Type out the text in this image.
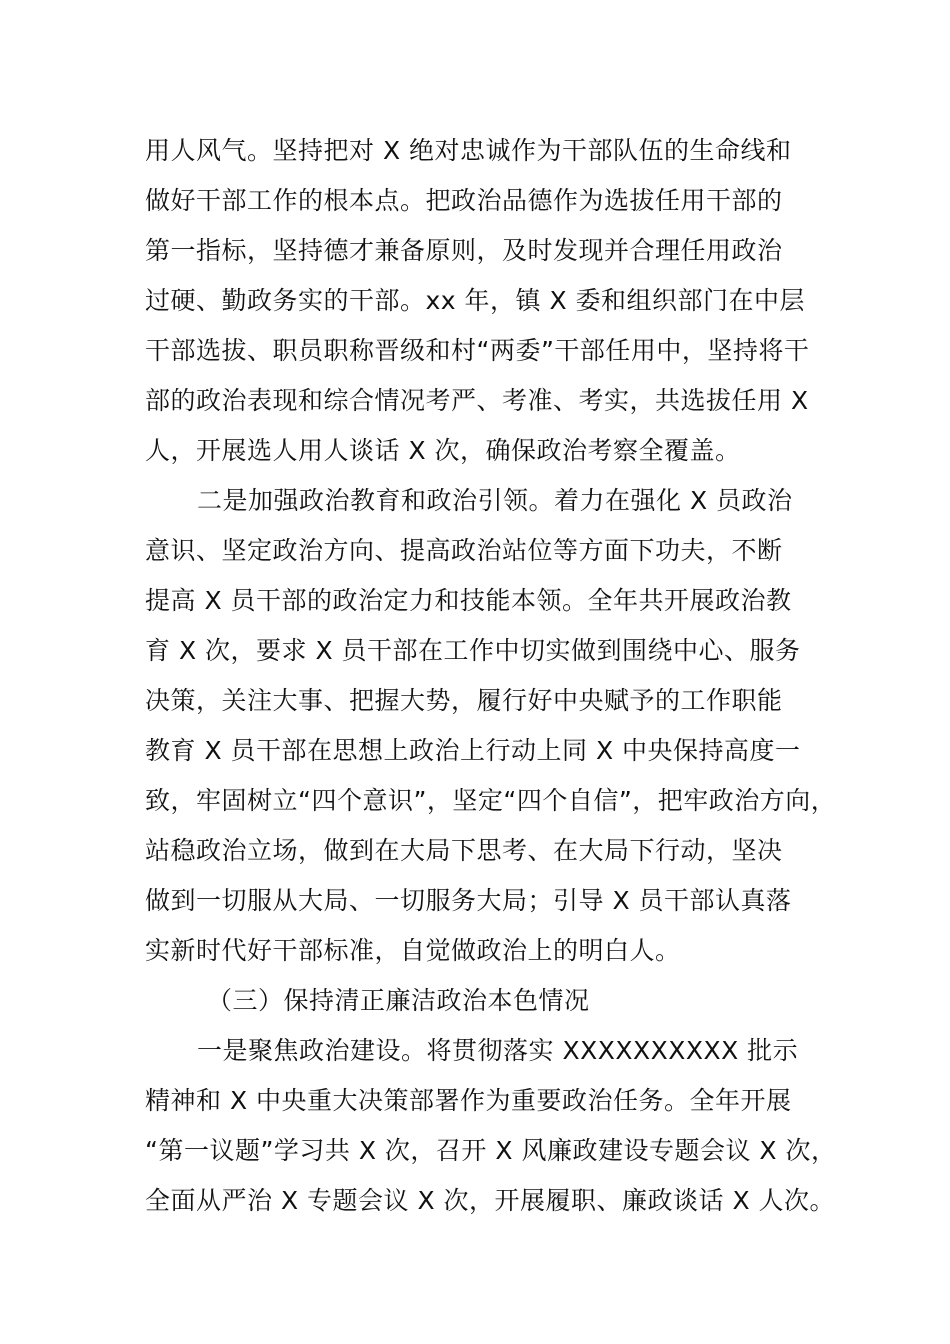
用人风气。坚持把对 X 绝对忠诚作为干部队伍的生命线和
做好干部工作的根本点。把政治品德作为选拔任用干部的
第一指标，坚持德才兼备原则，及时发现并合理任用政治
过硬、勤政务实的干部。xx 年，镇 X 委和组织部门在中层
干部选拔、职员职称晋级和村“两委”干部任用中，坚持将干
部的政治表现和综合情况考严、考准、考实，共选拔任用 X
人，开展选人用人谈话 X 次，确保政治考察全覆盖。
二是加强政治教育和政治引领。着力在强化 X 员政治
意识、坚定政治方向、提高政治站位等方面下功夫，不断
提高 X 员干部的政治定力和技能本领。全年共开展政治教
育 X 次，要求 X 员干部在工作中切实做到围绕中心、服务
决策，关注大事、把握大势，履行好中央赋予的工作职能
教育 X 员干部在思想上政治上行动上同 X 中央保持高度一
致，牢固树立“四个意识”，坚定“四个自信”，把牢政治方向，
站稳政治立场，做到在大局下思考、在大局下行动，坚决
做到一切服从大局、一切服务大局；引导 X 员干部认真落
实新时代好干部标准，自觉做政治上的明白人。
（三）保持清正廉洁政治本色情况
一是聚焦政治建设。将贯彻落实 XXXXXXXXXX 批示
精神和 X 中央重大决策部署作为重要政治任务。全年开展
“第一议题”学习共 X 次，召开 X 风廉政建设专题会议 X 次，
全面从严治 X 专题会议 X 次，开展履职、廉政谈话 X 人次。
